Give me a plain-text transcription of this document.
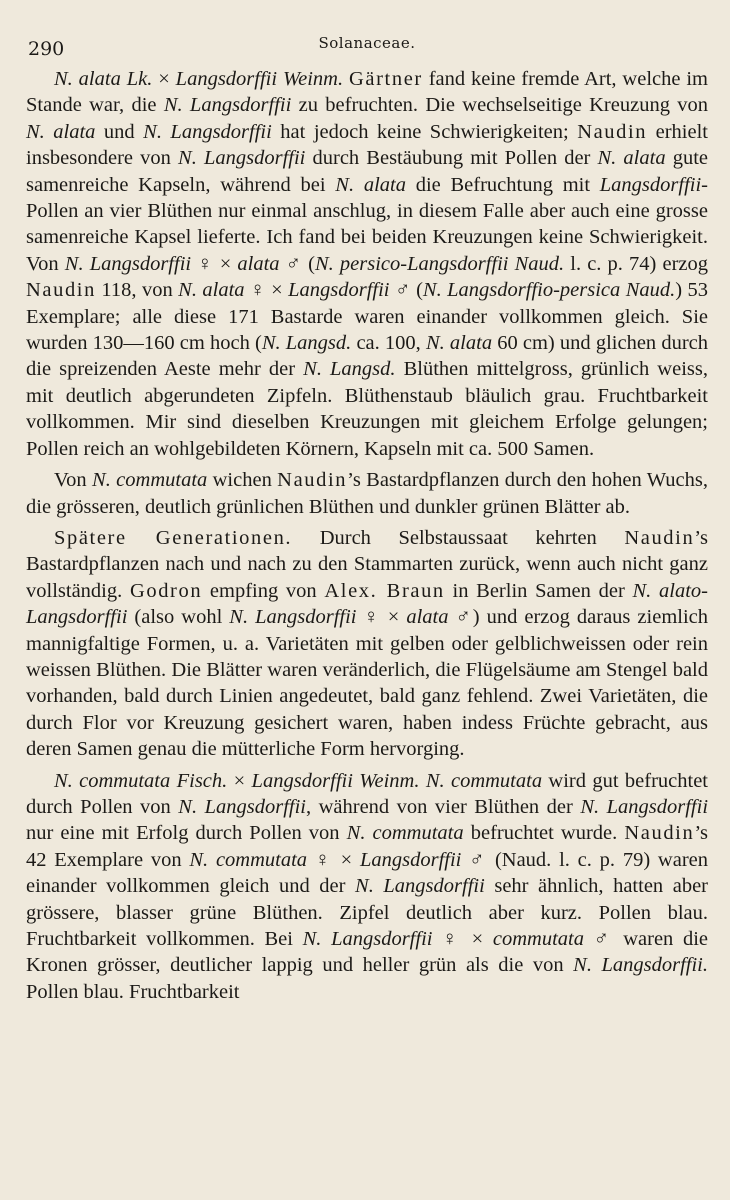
290	Solanaceae.

N. alata Lk. × Langsdorffii Weinm. Gärtner fand keine fremde Art, welche im Stande war, die N. Langsdorffii zu befruchten. Die wechselseitige Kreuzung von N. alata und N. Langsdorffii hat jedoch keine Schwierigkeiten; Naudin erhielt insbesondere von N. Langsdorffii durch Bestäubung mit Pollen der N. alata gute samenreiche Kapseln, während bei N. alata die Befruchtung mit Langsdorffii-Pollen an vier Blüthen nur einmal anschlug, in diesem Falle aber auch eine grosse samenreiche Kapsel lieferte. Ich fand bei beiden Kreuzungen keine Schwierigkeit. Von N. Langsdorffii ♀ × alata ♂ (N. persico-Langsdorffii Naud. l. c. p. 74) erzog Naudin 118, von N. alata ♀ × Langsdorffii ♂ (N. Langsdorffio-persica Naud.) 53 Exemplare; alle diese 171 Bastarde waren einander vollkommen gleich. Sie wurden 130—160 cm hoch (N. Langsd. ca. 100, N. alata 60 cm) und glichen durch die spreizenden Aeste mehr der N. Langsd. Blüthen mittelgross, grünlich weiss, mit deutlich abgerundeten Zipfeln. Blüthenstaub bläulich grau. Fruchtbarkeit vollkommen. Mir sind dieselben Kreuzungen mit gleichem Erfolge gelungen; Pollen reich an wohlgebildeten Körnern, Kapseln mit ca. 500 Samen.

Von N. commutata wichen Naudin’s Bastardpflanzen durch den hohen Wuchs, die grösseren, deutlich grünlichen Blüthen und dunkler grünen Blätter ab.

Spätere Generationen. Durch Selbstaussaat kehrten Naudin’s Bastardpflanzen nach und nach zu den Stammarten zurück, wenn auch nicht ganz vollständig. Godron empfing von Alex. Braun in Berlin Samen der N. alato-Langsdorffii (also wohl N. Langsdorffii ♀ × alata ♂) und erzog daraus ziemlich mannigfaltige Formen, u. a. Varietäten mit gelben oder gelblichweissen oder rein weissen Blüthen. Die Blätter waren veränderlich, die Flügelsäume am Stengel bald vorhanden, bald durch Linien angedeutet, bald ganz fehlend. Zwei Varietäten, die durch Flor vor Kreuzung gesichert waren, haben indess Früchte gebracht, aus deren Samen genau die mütterliche Form hervorging.

N. commutata Fisch. × Langsdorffii Weinm. N. commutata wird gut befruchtet durch Pollen von N. Langsdorffii, während von vier Blüthen der N. Langsdorffii nur eine mit Erfolg durch Pollen von N. commutata befruchtet wurde. Naudin’s 42 Exemplare von N. commutata ♀ × Langsdorffii ♂ (Naud. l. c. p. 79) waren einander vollkommen gleich und der N. Langsdorffii sehr ähnlich, hatten aber grössere, blasser grüne Blüthen. Zipfel deutlich aber kurz. Pollen blau. Fruchtbarkeit vollkommen. Bei N. Langsdorffii ♀ × commutata ♂ waren die Kronen grösser, deutlicher lappig und heller grün als die von N. Langsdorffii. Pollen blau. Fruchtbarkeit
